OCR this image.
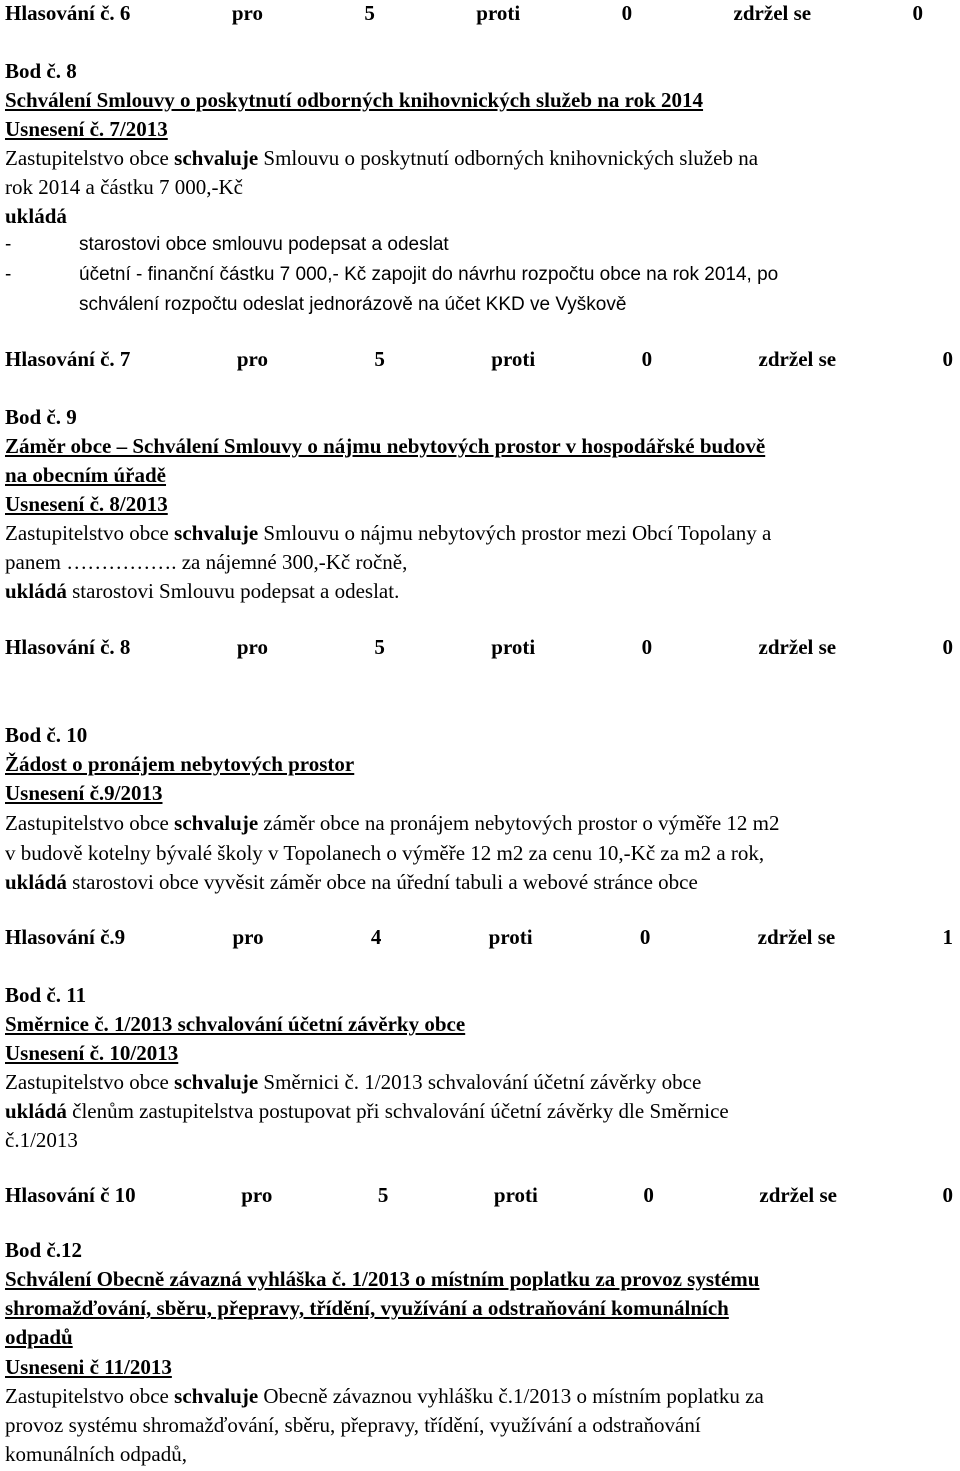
Hlasování č. 6	pro	5	proti	0	zdržel se	0
Bod č. 8
Schválení Smlouvy o poskytnutí odborných knihovnických služeb na rok 2014
Usnesení č. 7/2013
Zastupitelstvo obce schvaluje Smlouvu o poskytnutí odborných knihovnických služeb na
rok 2014 a částku 7 000,-Kč
ukládá
-	starostovi obce smlouvu podepsat a odeslat
-	účetní - finanční částku 7 000,- Kč zapojit do návrhu rozpočtu obce na rok 2014, po
schválení rozpočtu odeslat jednorázově na účet KKD ve Vyškově
Hlasování č. 7	pro	5	proti	0	zdržel se	0
Bod č. 9
Záměr obce – Schválení Smlouvy o nájmu nebytových prostor v hospodářské budově
na obecním úřadě
Usnesení č. 8/2013
Zastupitelstvo obce schvaluje Smlouvu o nájmu nebytových prostor mezi Obcí Topolany a
panem ……………. za nájemné 300,-Kč ročně,
ukládá starostovi Smlouvu podepsat a odeslat.
Hlasování č. 8	pro	5	proti	0	zdržel se	0
Bod č. 10
Žádost o pronájem nebytových prostor
Usnesení č.9/2013
Zastupitelstvo obce schvaluje záměr obce na pronájem nebytových prostor o výměře 12 m2
v budově kotelny bývalé školy v Topolanech o výměře 12 m2 za cenu 10,-Kč za m2 a rok,
ukládá starostovi obce vyvěsit záměr obce na úřední tabuli a webové stránce obce
Hlasování č.9	pro	4	proti	0	zdržel se	1
Bod č. 11
Směrnice č. 1/2013 schvalování účetní závěrky obce
Usnesení č. 10/2013
Zastupitelstvo obce schvaluje Směrnici č. 1/2013 schvalování účetní závěrky obce
ukládá členům zastupitelstva postupovat při schvalování účetní závěrky dle Směrnice
č.1/2013
Hlasování č 10	pro	5	proti	0	zdržel se	0
Bod č.12
Schválení Obecně závazná vyhláška č. 1/2013 o místním poplatku za provoz systému
shromažďování, sběru, přepravy, třídění, využívání a odstraňování komunálních
odpadů
Usneseni č 11/2013
Zastupitelstvo obce schvaluje Obecně závaznou vyhlášku č.1/2013 o místním poplatku za
provoz systému shromažďování, sběru, přepravy, třídění, využívání a odstraňování
komunálních odpadů,
